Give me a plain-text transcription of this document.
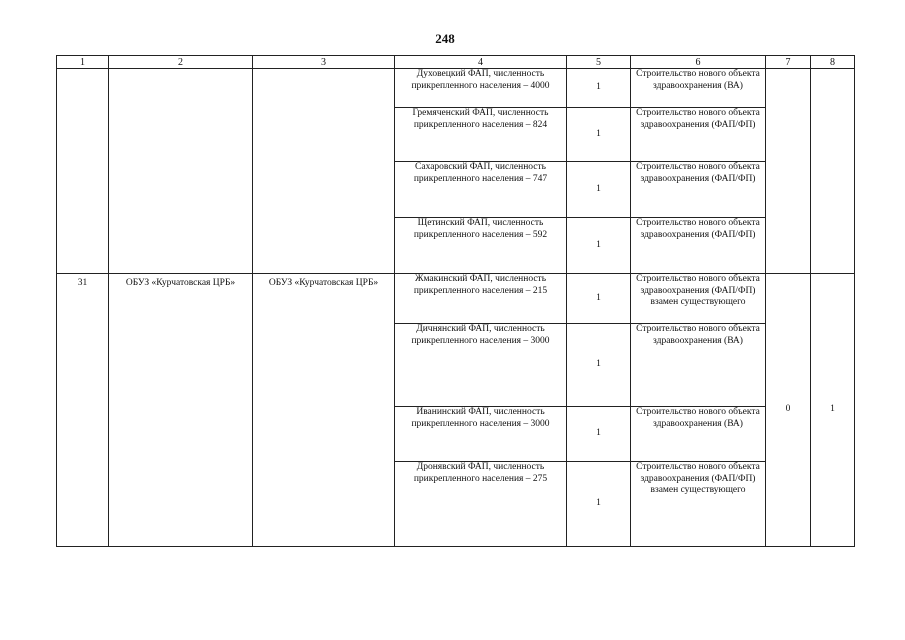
248
1	2	3	4	5	6	7	8
			Духовецкий ФАП, численность прикрепленного населения – 4000	1	Строительство нового объекта здравоохранения (ВА)		
			Гремяченский ФАП, численность прикрепленного населения – 824	1	Строительство нового объекта здравоохранения (ФАП/ФП)		
			Сахаровский ФАП, численность прикрепленного населения – 747	1	Строительство нового объекта здравоохранения (ФАП/ФП)		
			Щетинский ФАП, численность прикрепленного населения – 592	1	Строительство нового объекта здравоохранения (ФАП/ФП)		
31	ОБУЗ «Курчатовская ЦРБ»	ОБУЗ «Курчатовская ЦРБ»	Жмакинский ФАП, численность прикрепленного населения – 215	1	Строительство нового объекта здравоохранения (ФАП/ФП) взамен существующего	0	1
			Дичнянский ФАП, численность прикрепленного населения – 3000	1	Строительство нового объекта здравоохранения (ВА)		
			Иванинский ФАП, численность прикрепленного населения – 3000	1	Строительство нового объекта здравоохранения (ВА)		
			Дронявский ФАП, численность прикрепленного населения – 275	1	Строительство нового объекта здравоохранения (ФАП/ФП) взамен существующего		
